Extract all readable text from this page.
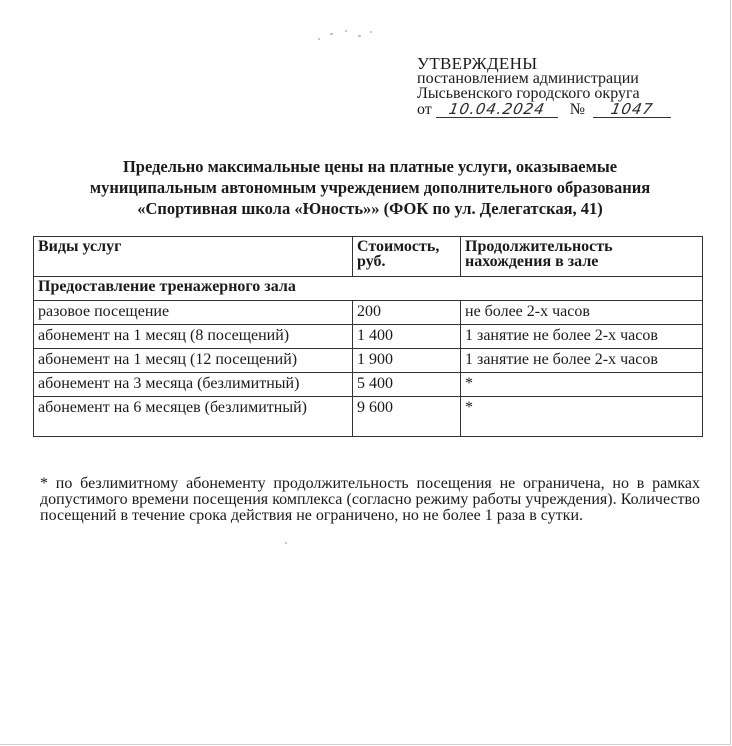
УТВЕРЖДЕНЫ
постановлением администрации
Лысьвенского городского округа
от 10.04.2024 № 1047
Предельно максимальные цены на платные услуги, оказываемые
муниципальным автономным учреждением дополнительного образования
«Спортивная школа «Юность»» (ФОК по ул. Делегатская, 41)
Виды услуг	Стоимость, руб.	Продолжительность нахождения в зале
Предоставление тренажерного зала		
разовое посещение	200	не более 2-х часов
абонемент на 1 месяц (8 посещений)	1 400	1 занятие не более 2-х часов
абонемент на 1 месяц (12 посещений)	1 900	1 занятие не более 2-х часов
абонемент на 3 месяца (безлимитный)	5 400	*
абонемент на 6 месяцев (безлимитный)	9 600	*
* по безлимитному абонементу продолжительность посещения не ограничена, но в рамках допустимого времени посещения комплекса (согласно режиму работы учреждения). Количество посещений в течение срока действия не ограничено, но не более 1 раза в сутки.
